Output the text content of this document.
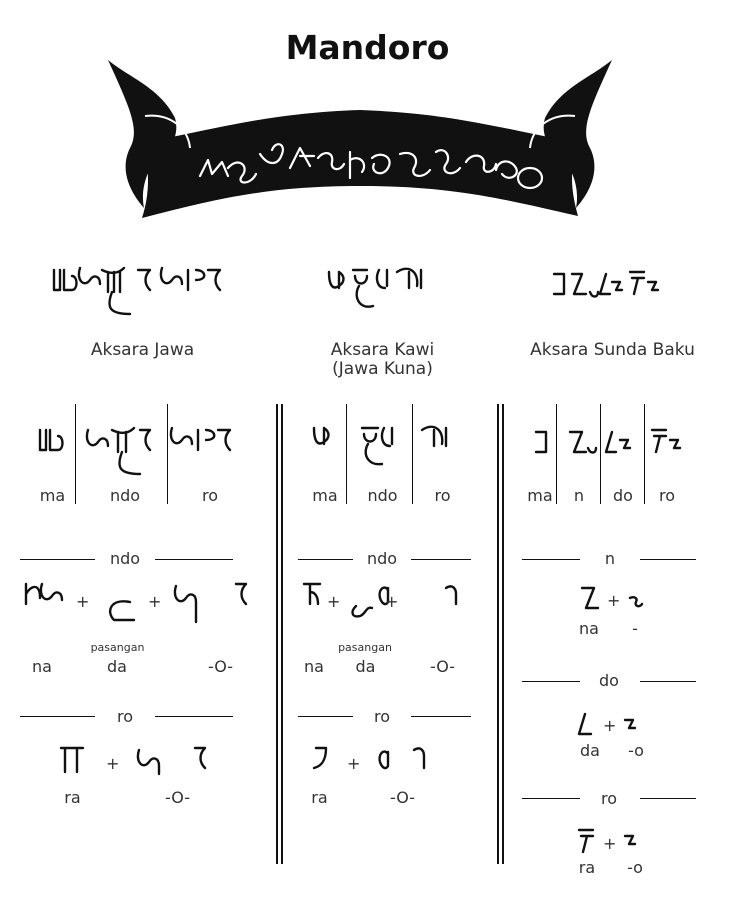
Mandoro
Aksara Jawa	Aksara Kawi
(Jawa Kuna)
Aksara Sunda Baku
ma	ndo	ro	ma	ndo	ro	ma	n	do	ro
ndo
+	+
pasangan
na	da	-O-
ro
+
ra	-O-
ndo
+	+
pasangan
na	da	-O-
ro
+
ra	-O-
n
+
na	-
do
+
da	-o
ro
+
ra	-o
